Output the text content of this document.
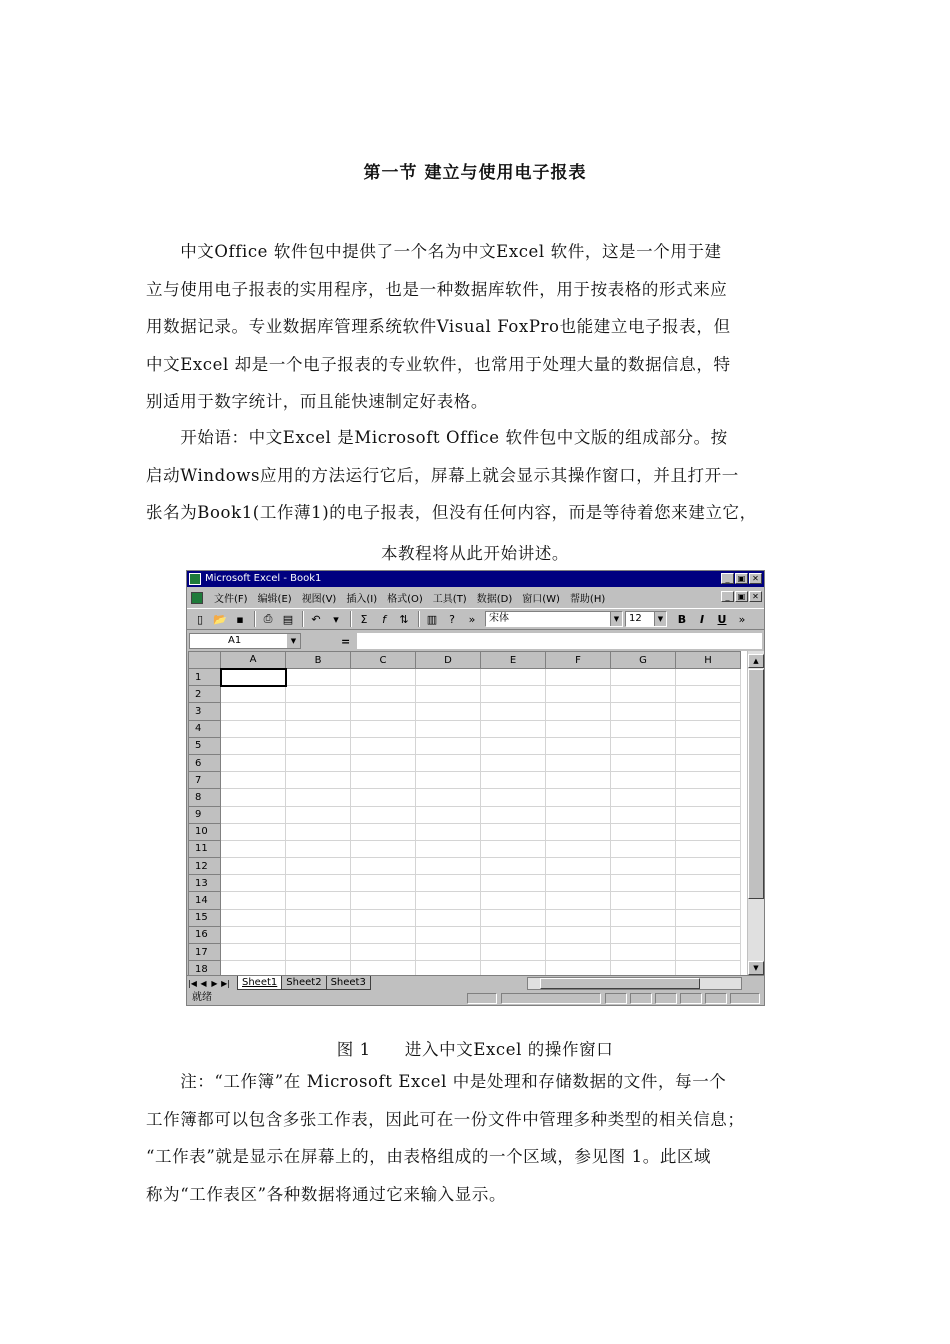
第一节 建立与使用电子报表
　　中文Office 软件包中提供了一个名为中文Excel 软件，这是一个用于建
立与使用电子报表的实用程序，也是一种数据库软件，用于按表格的形式来应
用数据记录。专业数据库管理系统软件Visual FoxPro也能建立电子报表，但
中文Excel 却是一个电子报表的专业软件，也常用于处理大量的数据信息，特
别适用于数字统计，而且能快速制定好表格。
　　开始语：中文Excel 是Microsoft Office 软件包中文版的组成部分。按
启动Windows应用的方法运行它后，屏幕上就会显示其操作窗口，并且打开一
张名为Book1(工作薄1)的电子报表，但没有任何内容，而是等待着您来建立它，
本教程将从此开始讲述。
Microsoft Excel - Book1	_	▣ ✕
文件(F)	编辑(E)	视图(V)	插入(I)	格式(O)	工具(T)	数据(D)	窗口(W)	帮助(H)	_	▣ ✕
▯ 📂 ▪	⎙ ▤	↶	▾	Σ	f	⇅	▥	?	»	宋体	▼ 12	▼	B	I	U	»
A1	▼	=
	A	B	C	D	E	F	G	H
1								
2								
3								
4								
5								
6								
7								
8								
9								
10								
11								
12								
13								
14								
15								
16								
17								
18								
▲
▼
|◀ ◀ ▶ ▶|	Sheet1 Sheet2 Sheet3
就绪
图 1　　进入中文Excel 的操作窗口
　　注：“工作簿”在 Microsoft Excel 中是处理和存储数据的文件，每一个
工作簿都可以包含多张工作表，因此可在一份文件中管理多种类型的相关信息；
“工作表”就是显示在屏幕上的，由表格组成的一个区域，参见图 1。此区域
称为“工作表区”各种数据将通过它来输入显示。
